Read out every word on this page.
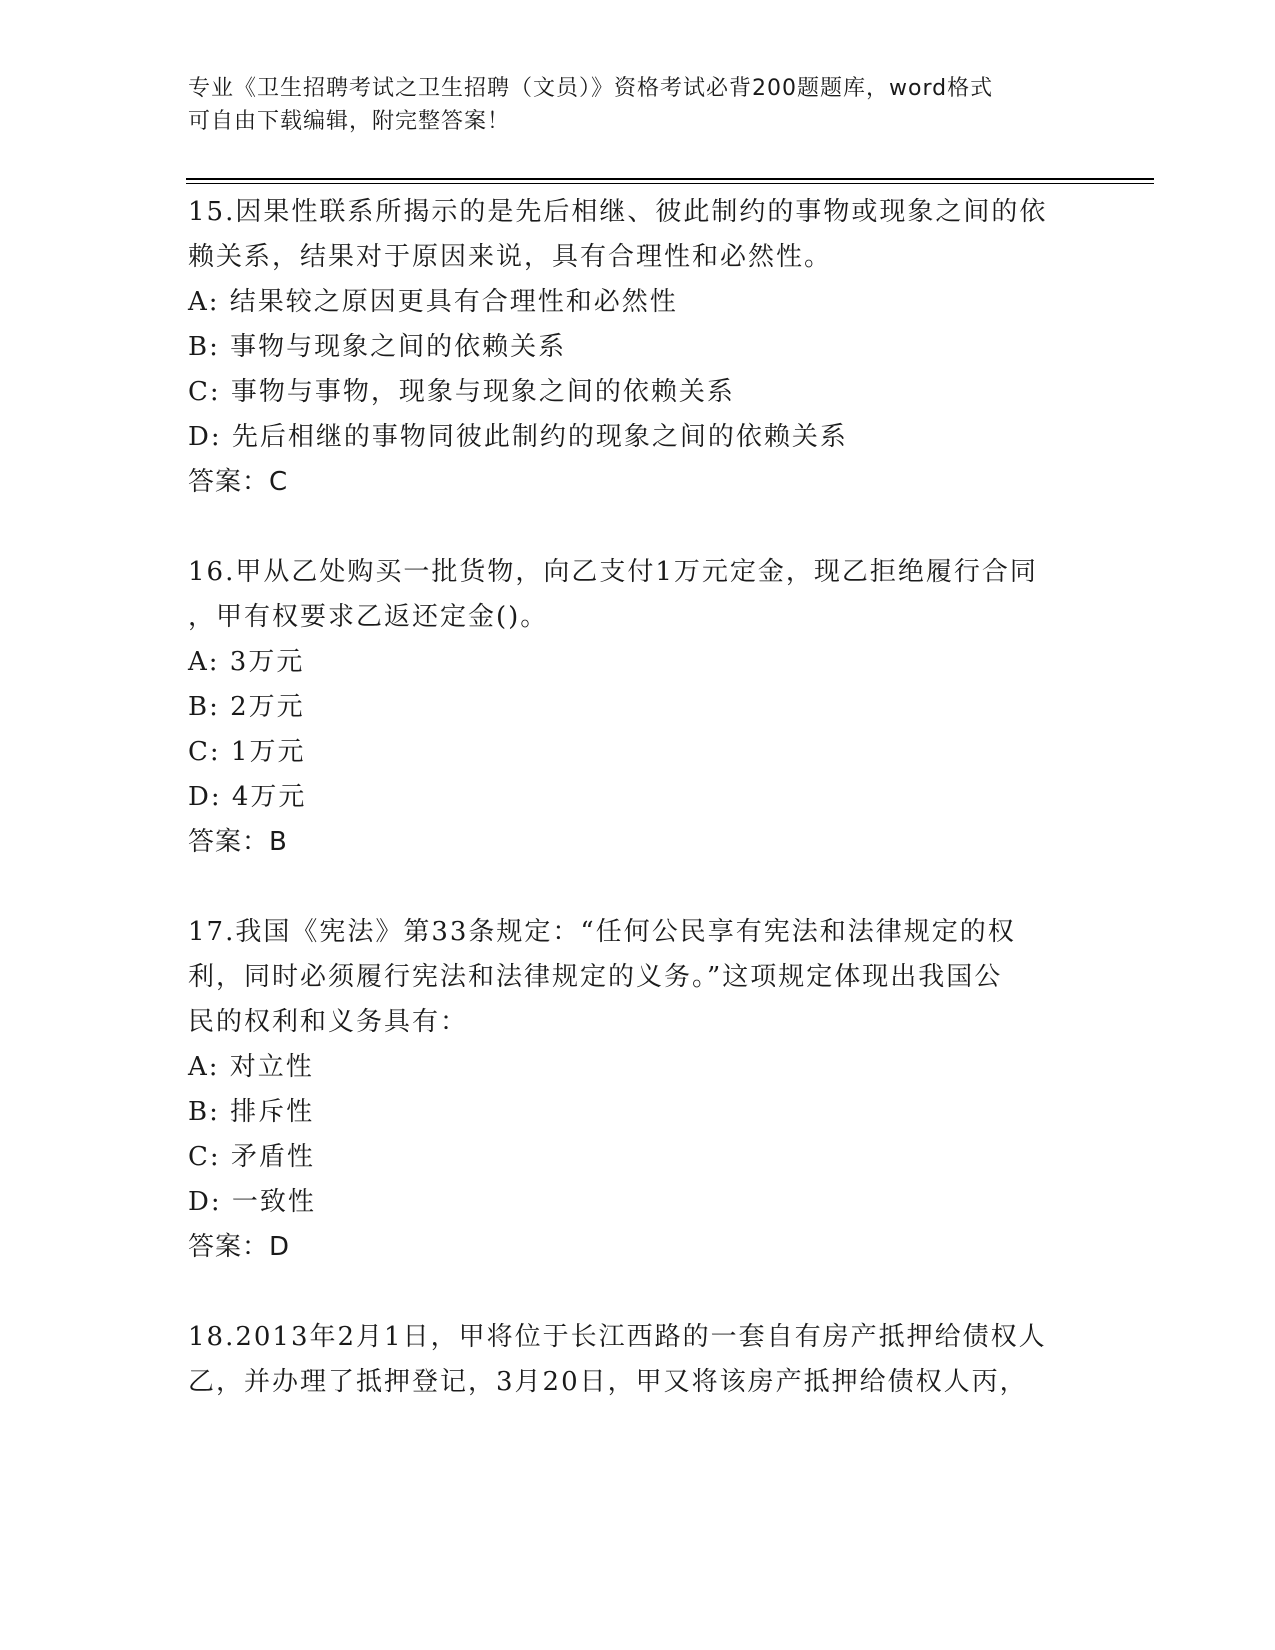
专业《卫生招聘考试之卫生招聘（文员）》资格考试必背200题题库，word格式
可自由下载编辑，附完整答案！
15.因果性联系所揭示的是先后相继、彼此制约的事物或现象之间的依
赖关系，结果对于原因来说，具有合理性和必然性。
A: 结果较之原因更具有合理性和必然性
B: 事物与现象之间的依赖关系
C: 事物与事物，现象与现象之间的依赖关系
D: 先后相继的事物同彼此制约的现象之间的依赖关系
答案：C
16.甲从乙处购买一批货物，向乙支付1万元定金，现乙拒绝履行合同
，甲有权要求乙返还定金()。
A: 3万元
B: 2万元
C: 1万元
D: 4万元
答案：B
17.我国《宪法》第33条规定：“任何公民享有宪法和法律规定的权
利，同时必须履行宪法和法律规定的义务。”这项规定体现出我国公
民的权利和义务具有：
A: 对立性
B: 排斥性
C: 矛盾性
D: 一致性
答案：D
18.2013年2月1日，甲将位于长江西路的一套自有房产抵押给债权人
乙，并办理了抵押登记，3月20日，甲又将该房产抵押给债权人丙，
